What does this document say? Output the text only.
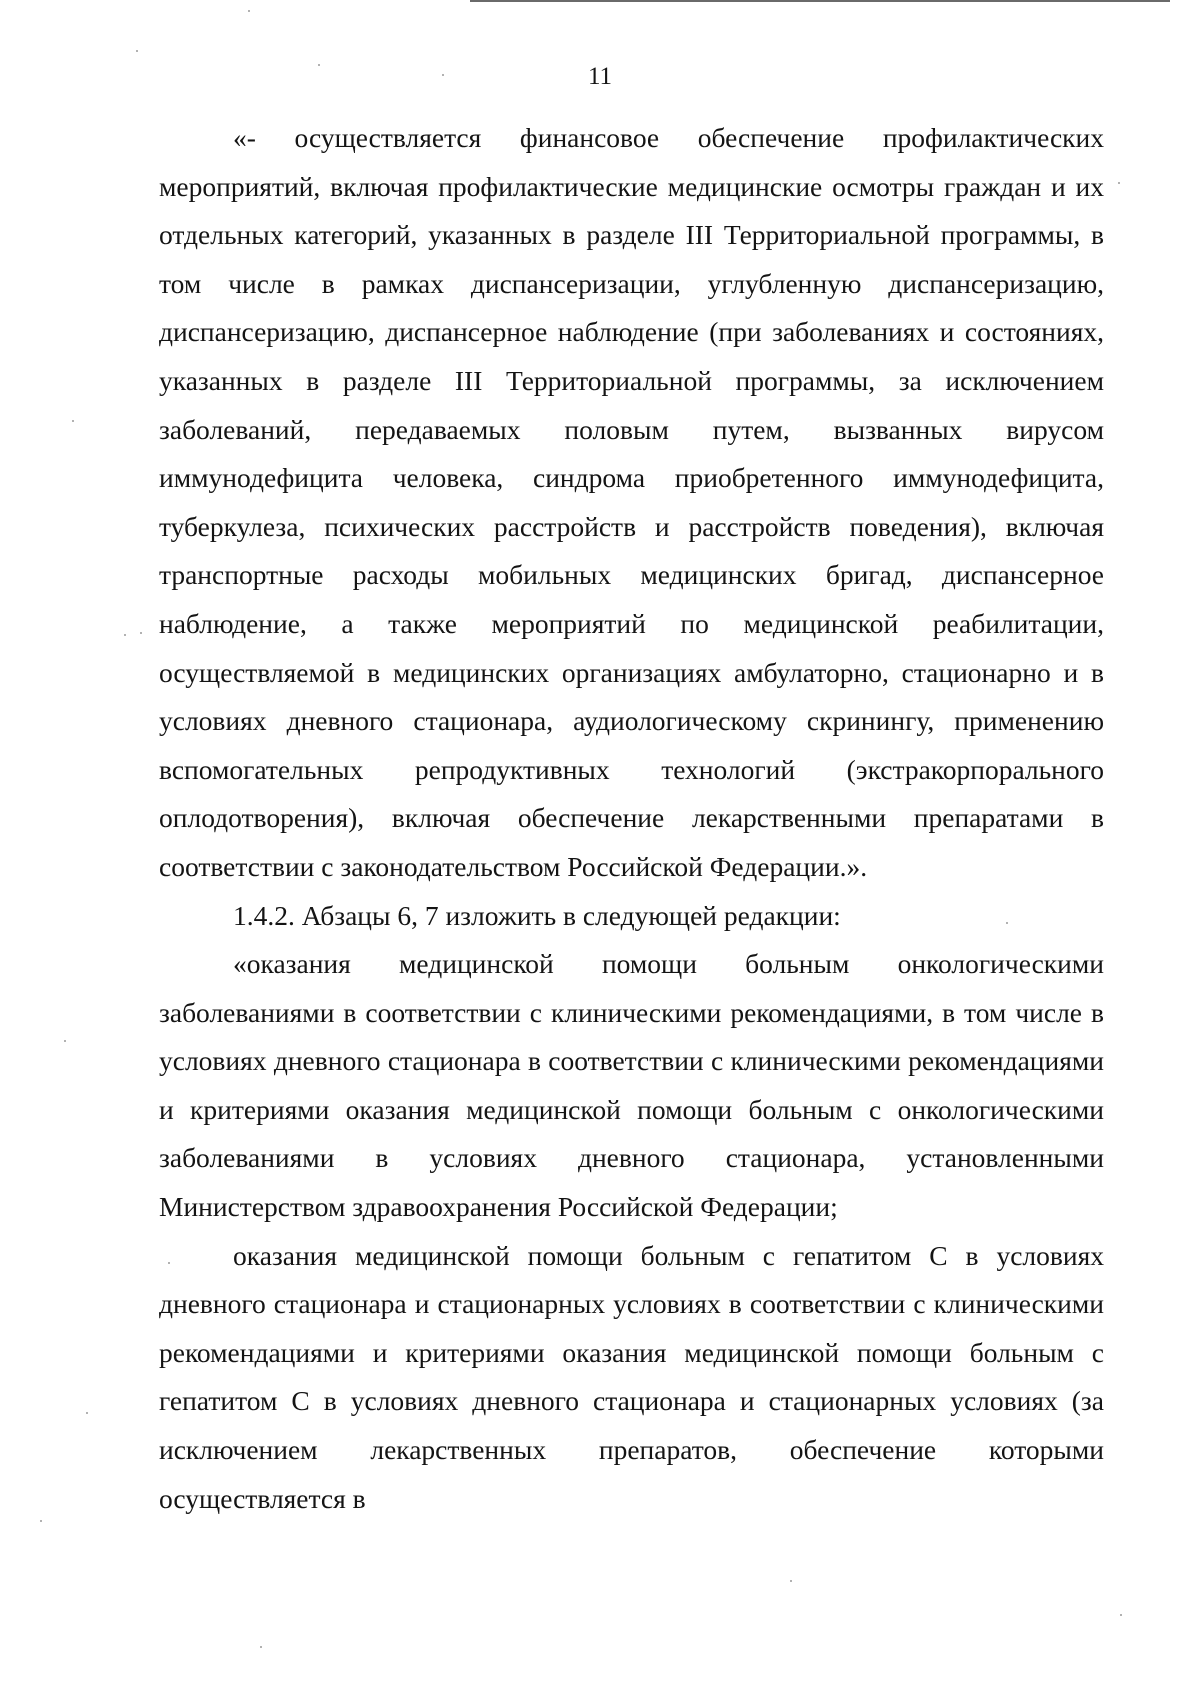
11

«- осуществляется финансовое обеспечение профилактических мероприятий, включая профилактические медицинские осмотры граждан и их отдельных категорий, указанных в разделе III Территориальной программы, в том числе в рамках диспансеризации, углубленную диспансеризацию, диспансеризацию, диспансерное наблюдение (при заболеваниях и состояниях, указанных в разделе III Территориальной программы, за исключением заболеваний, передаваемых половым путем, вызванных вирусом иммунодефицита человека, синдрома приобретенного иммунодефицита, туберкулеза, психических расстройств и расстройств поведения), включая транспортные расходы мобильных медицинских бригад, диспансерное наблюдение, а также мероприятий по медицинской реабилитации, осуществляемой в медицинских организациях амбулаторно, стационарно и в условиях дневного стационара, аудиологическому скринингу, применению вспомогательных репродуктивных технологий (экстракорпорального оплодотворения), включая обеспечение лекарственными препаратами в соответствии с законодательством Российской Федерации.».

1.4.2. Абзацы 6, 7 изложить в следующей редакции:

«оказания медицинской помощи больным онкологическими заболеваниями в соответствии с клиническими рекомендациями, в том числе в условиях дневного стационара в соответствии с клиническими рекомендациями и критериями оказания медицинской помощи больным с онкологическими заболеваниями в условиях дневного стационара, установленными Министерством здравоохранения Российской Федерации;

оказания медицинской помощи больным с гепатитом С в условиях дневного стационара и стационарных условиях в соответствии с клиническими рекомендациями и критериями оказания медицинской помощи больным с гепатитом С в условиях дневного стационара и стационарных условиях (за исключением лекарственных препаратов, обеспечение которыми осуществляется в
